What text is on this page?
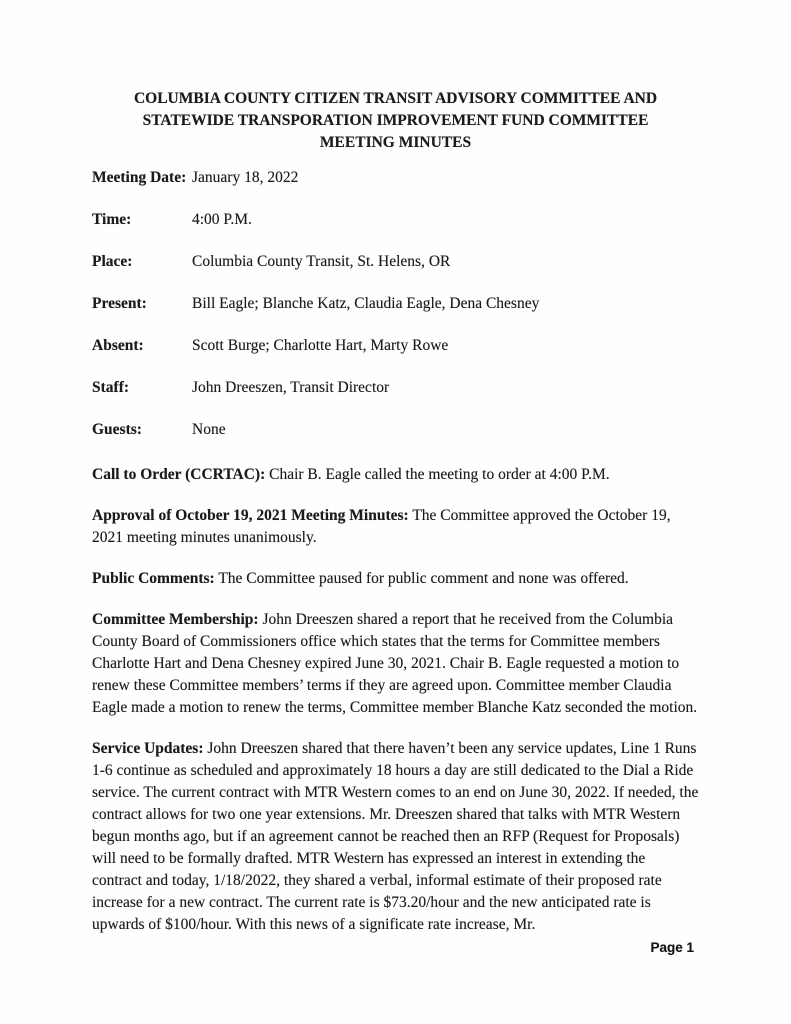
COLUMBIA COUNTY CITIZEN TRANSIT ADVISORY COMMITTEE AND
STATEWIDE TRANSPORATION IMPROVEMENT FUND COMMITTEE
MEETING MINUTES
Meeting Date: January 18, 2022
Time:	4:00 P.M.
Place:	Columbia County Transit, St. Helens, OR
Present:	Bill Eagle; Blanche Katz, Claudia Eagle, Dena Chesney
Absent:	Scott Burge; Charlotte Hart, Marty Rowe
Staff:	John Dreeszen, Transit Director
Guests:	None
Call to Order (CCRTAC): Chair B. Eagle called the meeting to order at 4:00 P.M.
Approval of October 19, 2021 Meeting Minutes: The Committee approved the October 19, 2021 meeting minutes unanimously.
Public Comments: The Committee paused for public comment and none was offered.
Committee Membership: John Dreeszen shared a report that he received from the Columbia County Board of Commissioners office which states that the terms for Committee members Charlotte Hart and Dena Chesney expired June 30, 2021. Chair B. Eagle requested a motion to renew these Committee members’ terms if they are agreed upon. Committee member Claudia Eagle made a motion to renew the terms, Committee member Blanche Katz seconded the motion.
Service Updates: John Dreeszen shared that there haven’t been any service updates, Line 1 Runs 1-6 continue as scheduled and approximately 18 hours a day are still dedicated to the Dial a Ride service. The current contract with MTR Western comes to an end on June 30, 2022. If needed, the contract allows for two one year extensions. Mr. Dreeszen shared that talks with MTR Western begun months ago, but if an agreement cannot be reached then an RFP (Request for Proposals) will need to be formally drafted. MTR Western has expressed an interest in extending the contract and today, 1/18/2022, they shared a verbal, informal estimate of their proposed rate increase for a new contract. The current rate is $73.20/hour and the new anticipated rate is upwards of $100/hour. With this news of a significate rate increase, Mr.
Page 1
